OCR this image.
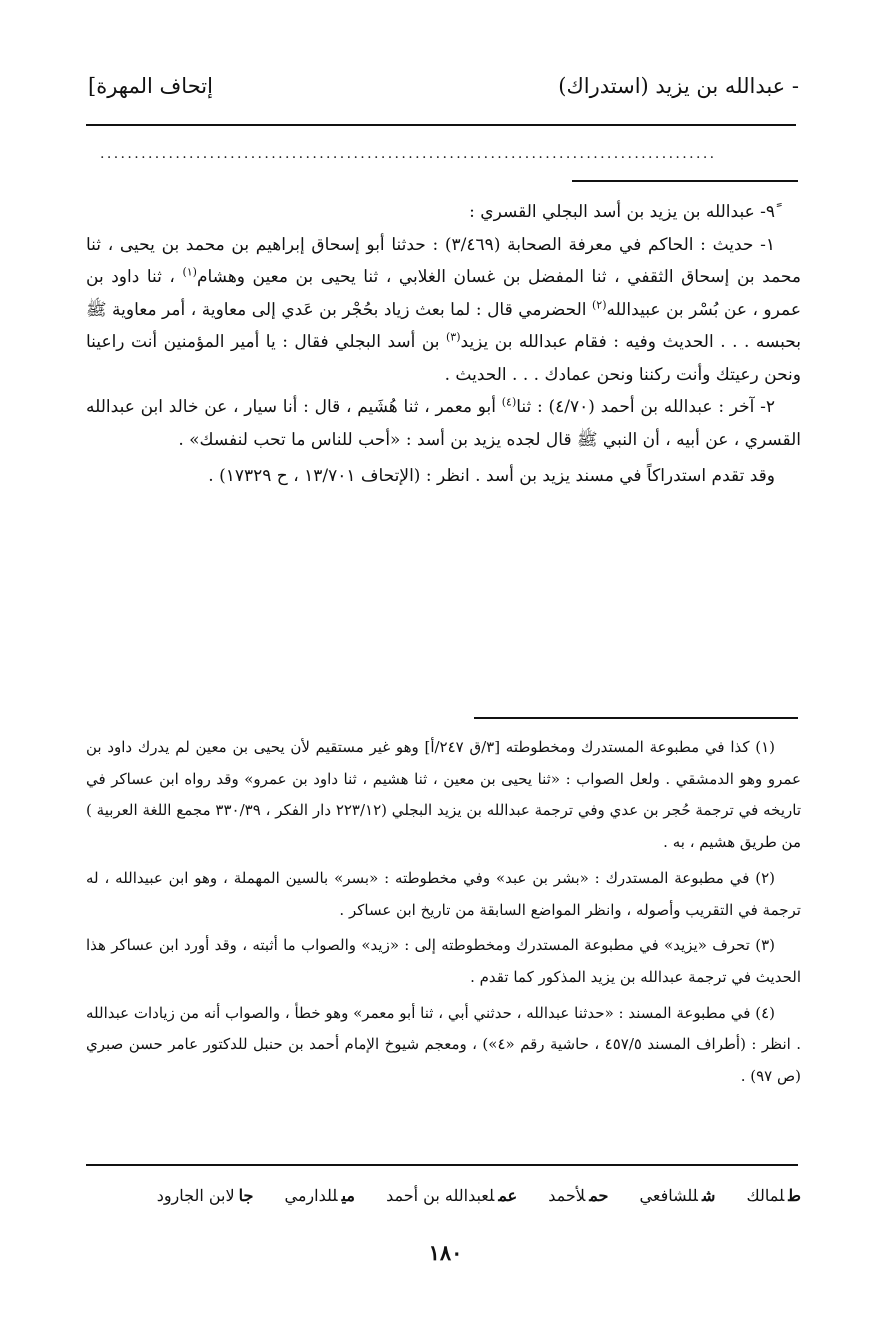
- عبدالله بن يزيد (استدراك)
[إتحاف المهرة
..........................................................................................

٩ً- عبدالله بن يزيد بن أسد البجلي القسري :

١- حديث : الحاكم في معرفة الصحابة (٣/٤٦٩) : حدثنا أبو إسحاق إبراهيم بن محمد بن يحيى ، ثنا محمد بن إسحاق الثقفي ، ثنا المفضل بن غسان الغلابي ، ثنا يحيى بن معين وهشام$^{(١)}$ ، ثنا داود بن عمرو ، عن بُسْر بن عبيدالله$^{(٢)}$ الحضرمي قال : لما بعث زياد بحُجْر بن عَدي إلى معاوية ، أمر معاوية ﷺ بحبسه . . . الحديث وفيه : فقام عبدالله بن يزيد$^{(٣)}$ بن أسد البجلي فقال : يا أمير المؤمنين أنت راعينا ونحن رعيتك وأنت ركننا ونحن عمادك . . . الحديث .

٢- آخر : عبدالله بن أحمد (٤/٧٠) : ثنا$^{(٤)}$ أبو معمر ، ثنا هُشَيم ، قال : أنا سيار ، عن خالد ابن عبدالله القسري ، عن أبيه ، أن النبي ﷺ قال لجده يزيد بن أسد : «أحب للناس ما تحب لنفسك» .

وقد تقدم استدراكاً في مسند يزيد بن أسد . انظر : (الإتحاف ١٣/٧٠١ ، ح ١٧٣٢٩) .

(١) كذا في مطبوعة المستدرك ومخطوطته [٣/ق ٢٤٧/أ] وهو غير مستقيم لأن يحيى بن معين لم يدرك داود بن عمرو وهو الدمشقي . ولعل الصواب : «ثنا يحيى بن معين ، ثنا هشيم ، ثنا داود بن عمرو» وقد رواه ابن عساكر في تاريخه في ترجمة حُجر بن عدي وفي ترجمة عبدالله بن يزيد البجلي (٢٢٣/١٢ دار الفكر ، ٣٣٠/٣٩ مجمع اللغة العربية ) من طريق هشيم ، به .

(٢) في مطبوعة المستدرك : «بشر بن عبد» وفي مخطوطته : «بسر» بالسين المهملة ، وهو ابن عبيدالله ، له ترجمة في التقريب وأصوله ، وانظر المواضع السابقة من تاريخ ابن عساكر .

(٣) تحرف «يزيد» في مطبوعة المستدرك ومخطوطته إلى : «زيد» والصواب ما أثبته ، وقد أورد ابن عساكر هذا الحديث في ترجمة عبدالله بن يزيد المذكور كما تقدم .

(٤) في مطبوعة المسند : «حدثنا عبدالله ، حدثني أبي ، ثنا أبو معمر» وهو خطأ ، والصواب أنه من زيادات عبدالله . انظر : (أطراف المسند ٤٥٧/٥ ، حاشية رقم «٤») ، ومعجم شيوخ الإمام أحمد بن حنبل للدكتور عامر حسن صبري (ص ٩٧) .

طلمالك شللشافعي حملأحمد عملعبدالله بن أحمد ميللدارمي جالابن الجارود
١٨٠
